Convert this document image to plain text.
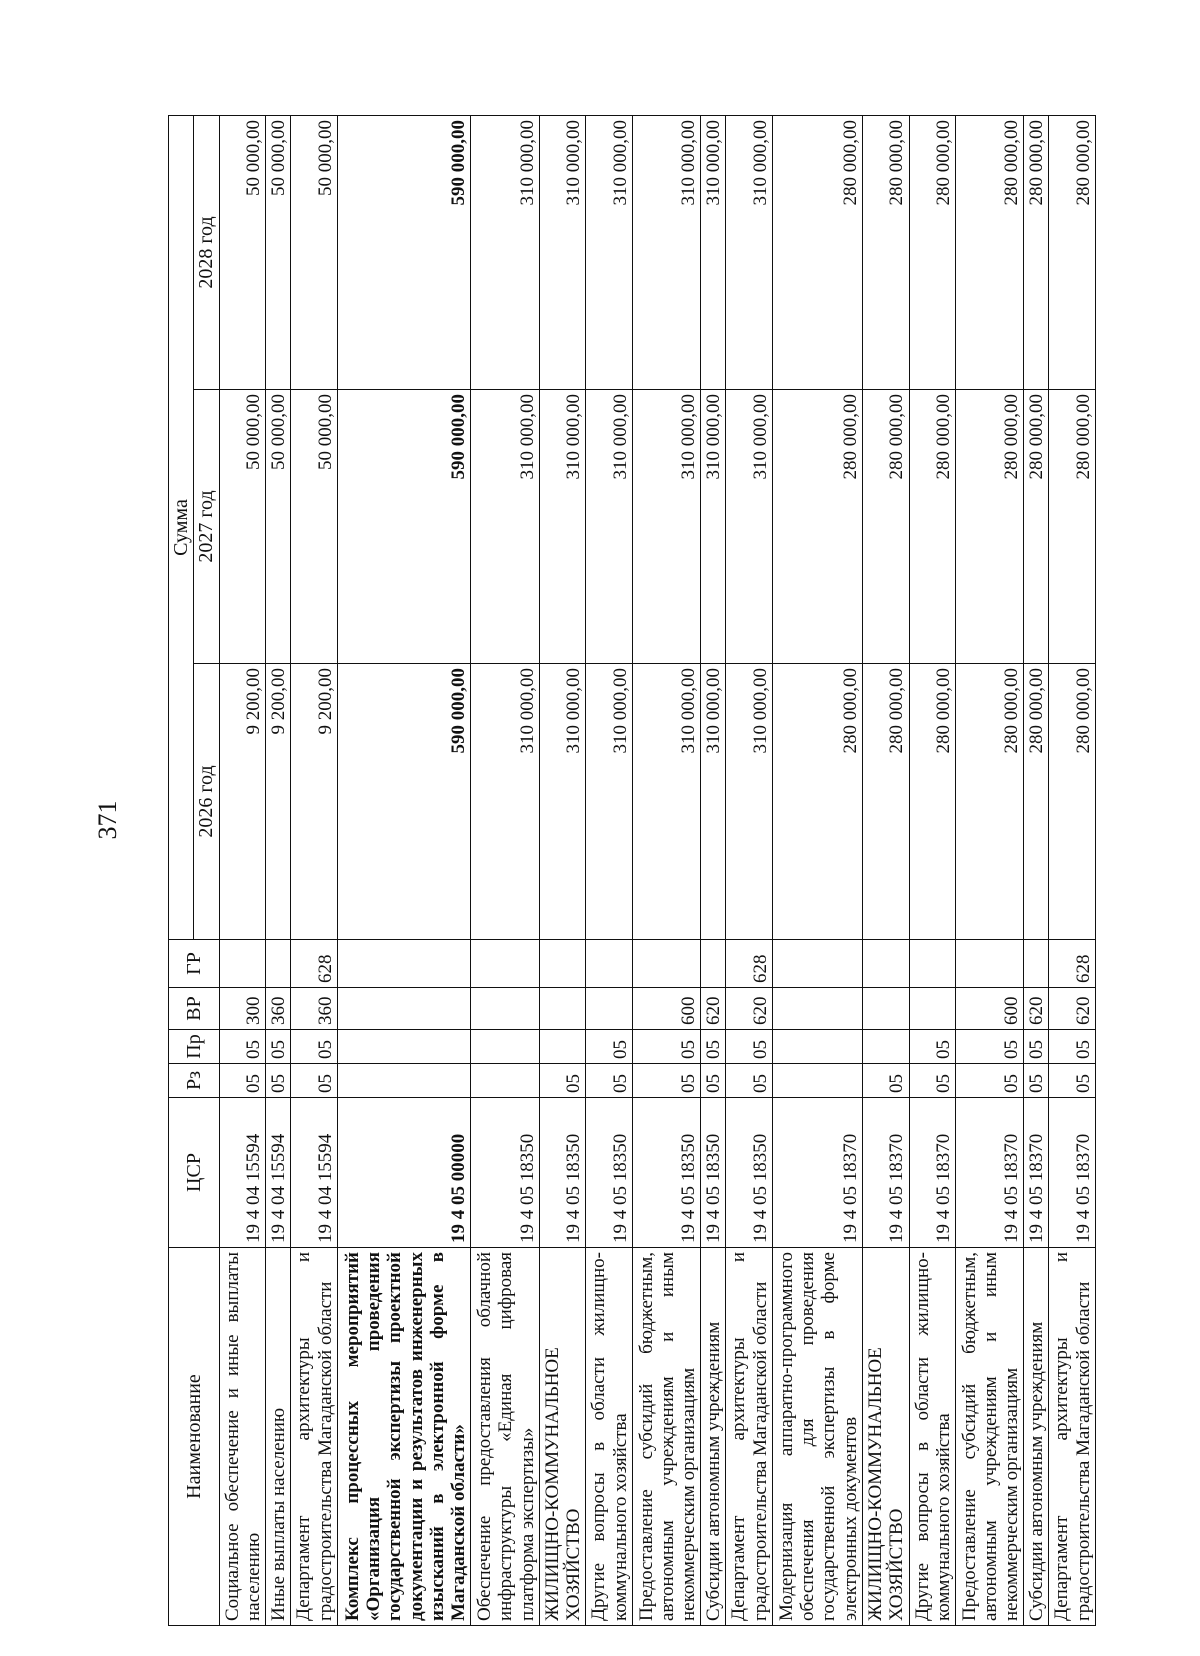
371
Наименование	ЦСР	Рз	Пр	ВР	ГР	Сумма		
						2026 год	2027 год	2028 год
Социальное обеспечение и иные выплаты населению	19 4 04 15594	05	05	300		9 200,00	50 000,00	50 000,00
Иные выплаты населению	19 4 04 15594	05	05	360		9 200,00	50 000,00	50 000,00
Департамент архитектуры и градостроительства Магаданской области	19 4 04 15594	05	05	360	628	9 200,00	50 000,00	50 000,00
Комплекс процессных мероприятий «Организация проведения государственной экспертизы проектной документации и результатов инженерных изысканий в электронной форме в Магаданской области»	19 4 05 00000					590 000,00	590 000,00	590 000,00
Обеспечение предоставления облачной инфраструктуры «Единая цифровая платформа экспертизы»	19 4 05 18350					310 000,00	310 000,00	310 000,00
ЖИЛИЩНО-КОММУНАЛЬНОЕ ХОЗЯЙСТВО	19 4 05 18350	05				310 000,00	310 000,00	310 000,00
Другие вопросы в области жилищно-коммунального хозяйства	19 4 05 18350	05	05			310 000,00	310 000,00	310 000,00
Предоставление субсидий бюджетным, автономным учреждениям и иным некоммерческим организациям	19 4 05 18350	05	05	600		310 000,00	310 000,00	310 000,00
Субсидии автономным учреждениям	19 4 05 18350	05	05	620		310 000,00	310 000,00	310 000,00
Департамент архитектуры и градостроительства Магаданской области	19 4 05 18350	05	05	620	628	310 000,00	310 000,00	310 000,00
Модернизация аппаратно-программного обеспечения для проведения государственной экспертизы в форме электронных документов	19 4 05 18370					280 000,00	280 000,00	280 000,00
ЖИЛИЩНО-КОММУНАЛЬНОЕ ХОЗЯЙСТВО	19 4 05 18370	05				280 000,00	280 000,00	280 000,00
Другие вопросы в области жилищно-коммунального хозяйства	19 4 05 18370	05	05			280 000,00	280 000,00	280 000,00
Предоставление субсидий бюджетным, автономным учреждениям и иным некоммерческим организациям	19 4 05 18370	05	05	600		280 000,00	280 000,00	280 000,00
Субсидии автономным учреждениям	19 4 05 18370	05	05	620		280 000,00	280 000,00	280 000,00
Департамент архитектуры и градостроительства Магаданской области	19 4 05 18370	05	05	620	628	280 000,00	280 000,00	280 000,00
